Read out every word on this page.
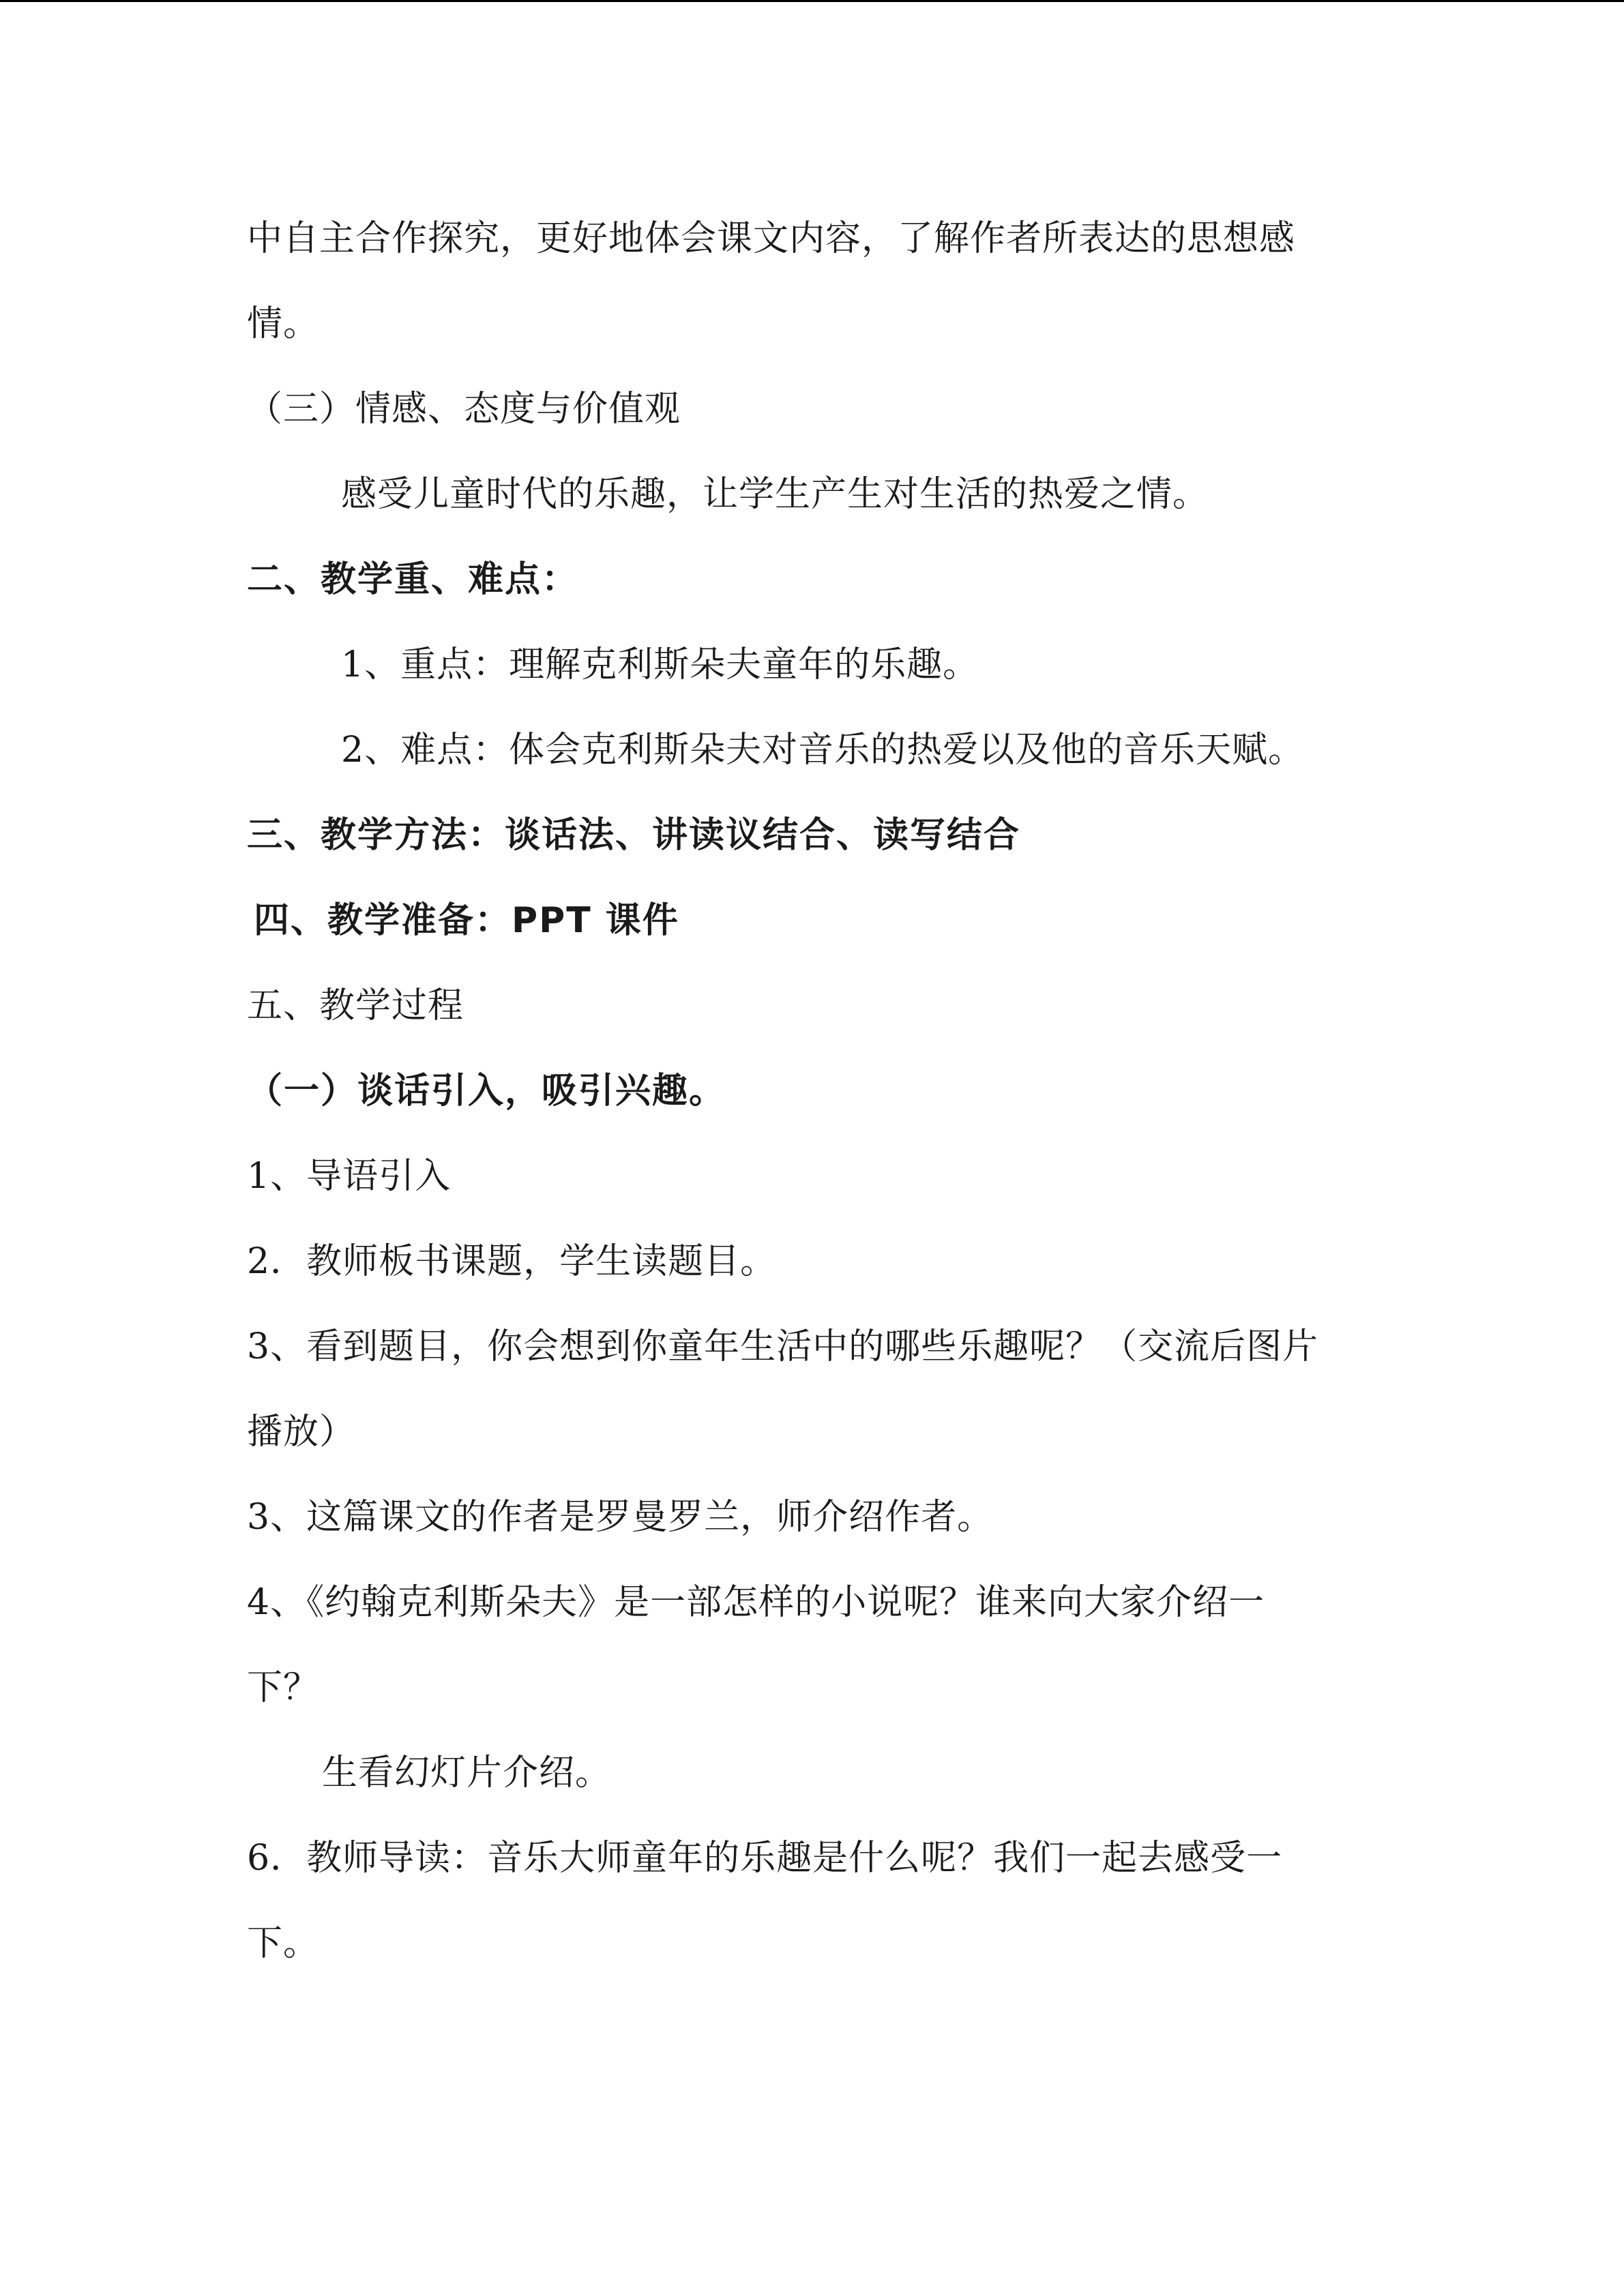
中自主合作探究，更好地体会课文内容，了解作者所表达的思想感
情。
（三）情感、态度与价值观
感受儿童时代的乐趣，让学生产生对生活的热爱之情。
二、教学重、难点：
1、重点：理解克利斯朵夫童年的乐趣。
2、难点：体会克利斯朵夫对音乐的热爱以及他的音乐天赋。
三、教学方法：谈话法、讲读议结合、读写结合
四、教学准备：PPT 课件
五、教学过程
（一）谈话引入，吸引兴趣。
1、导语引入
2．教师板书课题，学生读题目。
3、看到题目，你会想到你童年生活中的哪些乐趣呢？（交流后图片
播放）
3、这篇课文的作者是罗曼罗兰，师介绍作者。
4、《约翰克利斯朵夫》是一部怎样的小说呢？谁来向大家介绍一
下？
生看幻灯片介绍。
6．教师导读：音乐大师童年的乐趣是什么呢？我们一起去感受一
下。
